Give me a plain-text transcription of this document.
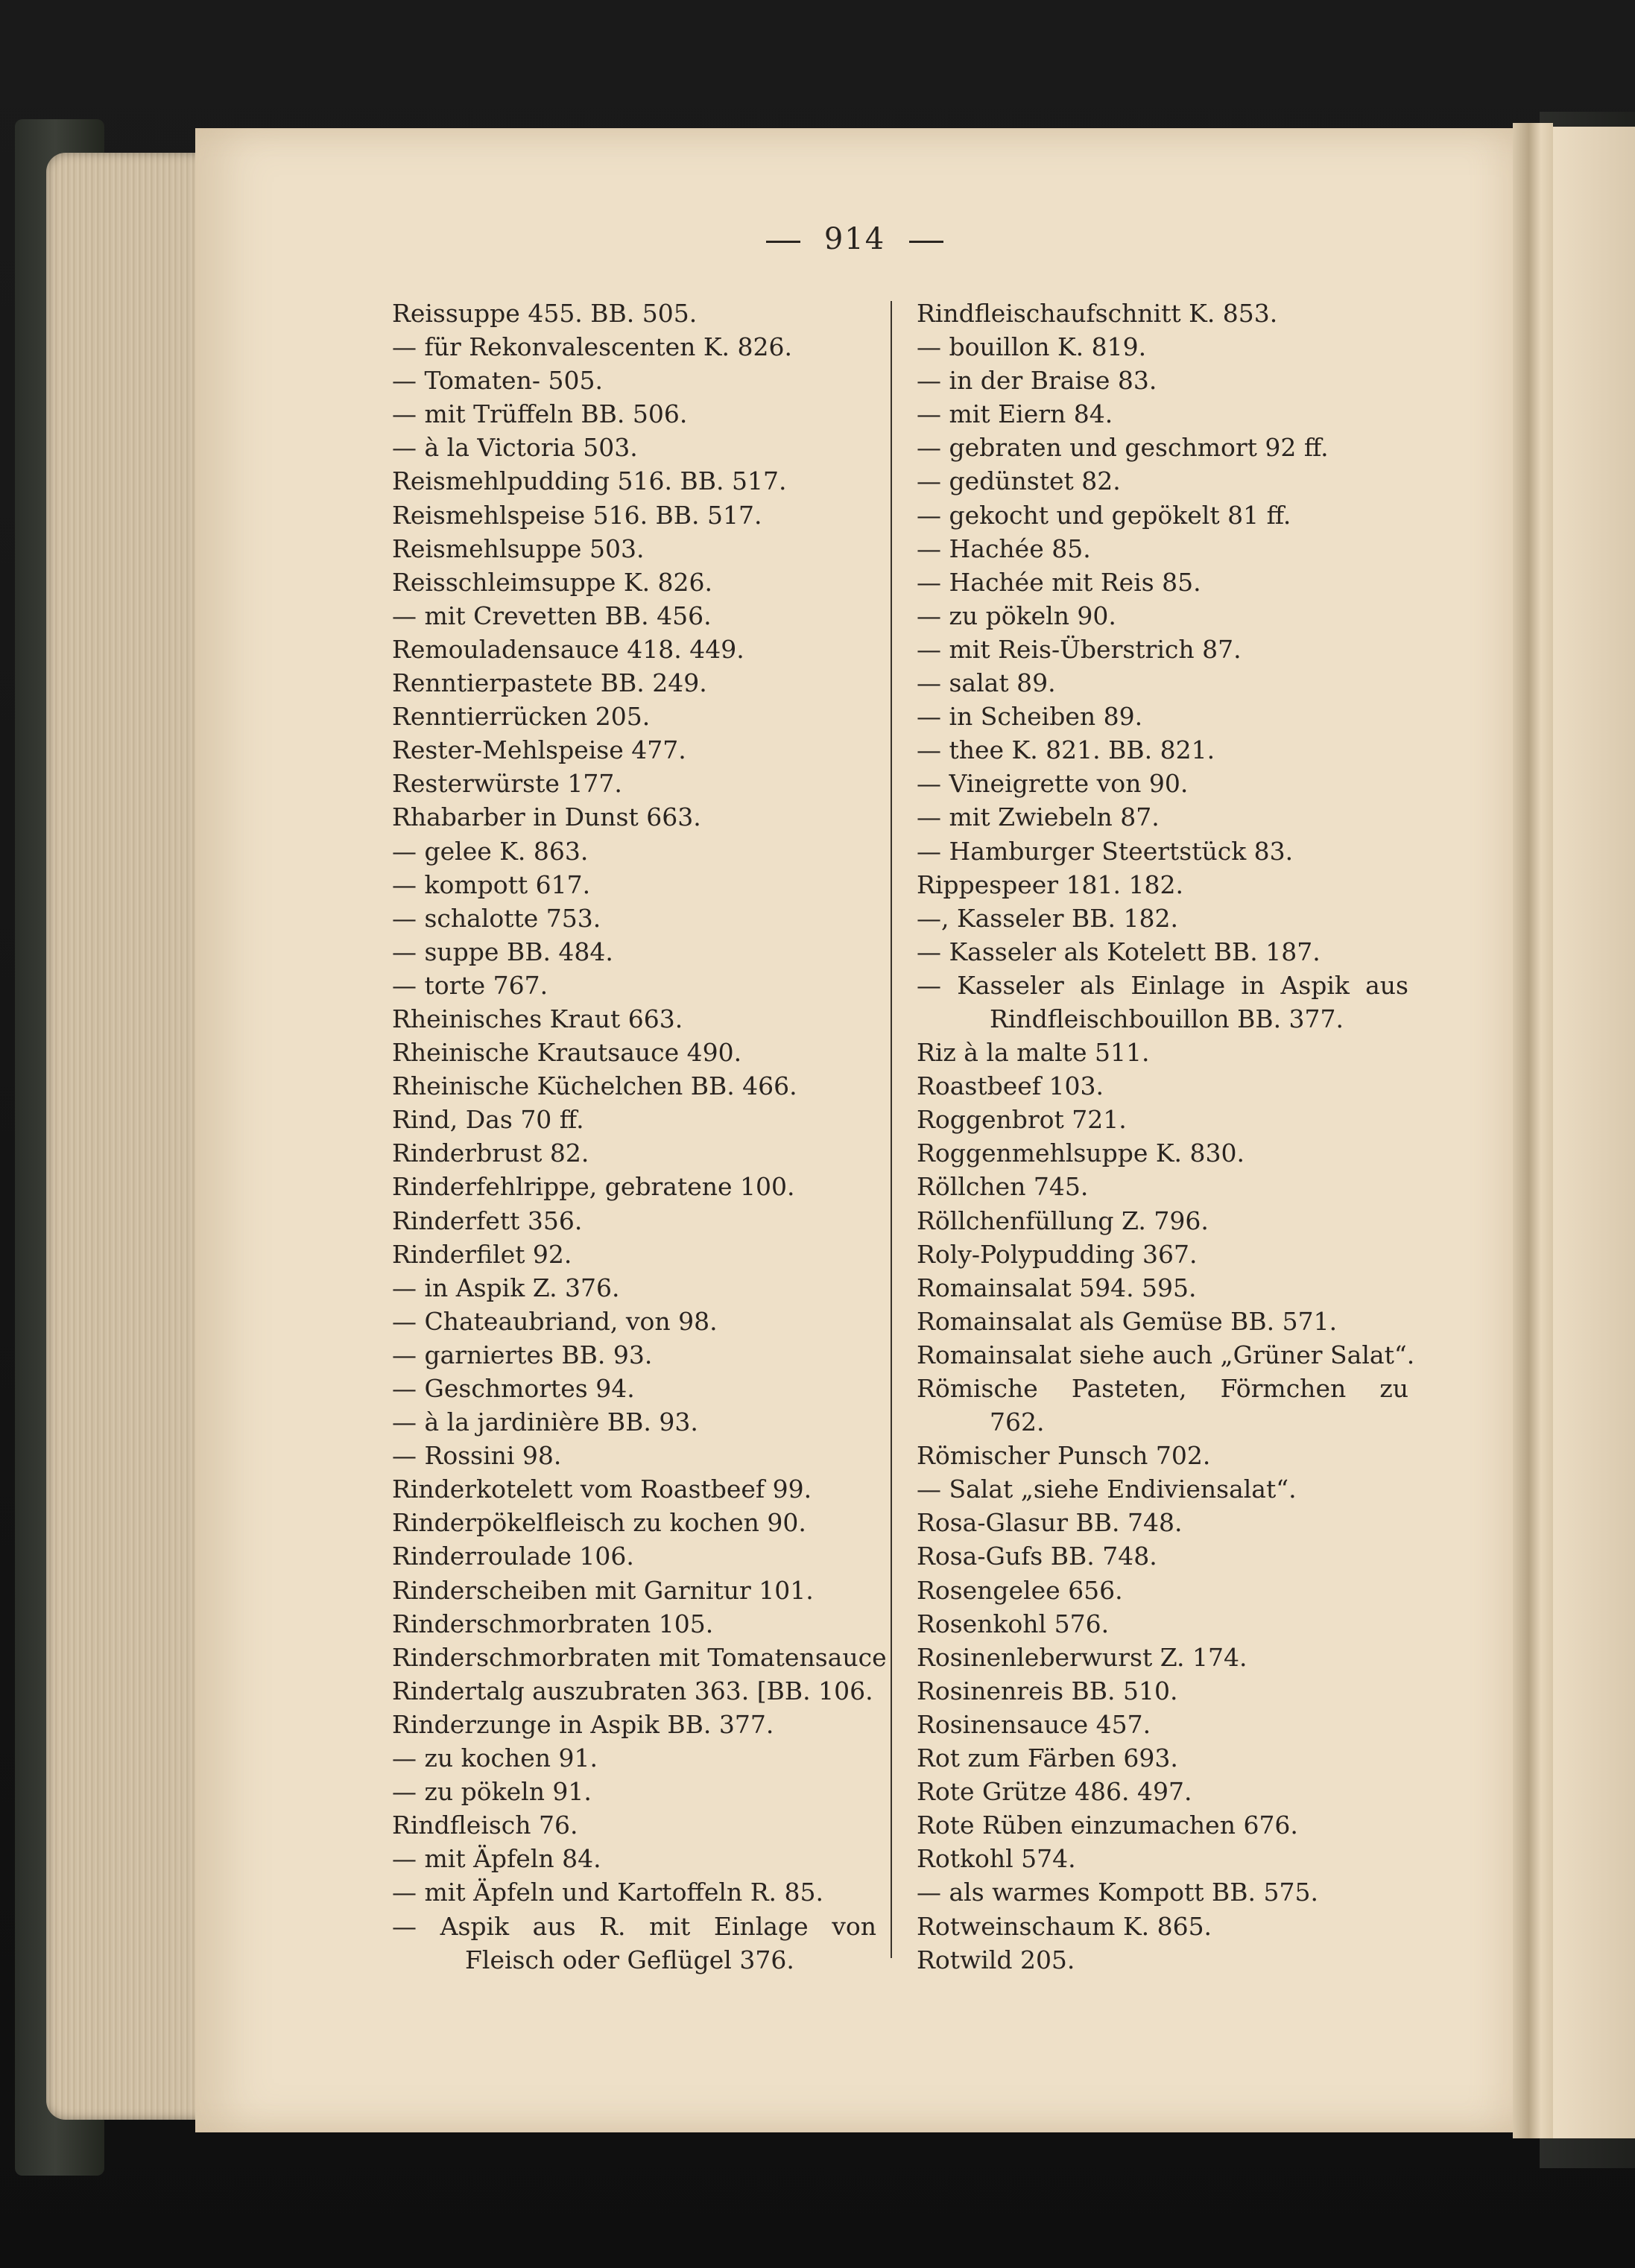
914
Reissuppe 455. BB. 505.
— für Rekonvalescenten K. 826.
— Tomaten- 505.
— mit Trüffeln BB. 506.
— à la Victoria 503.
Reismehlpudding 516. BB. 517.
Reismehlspeise 516. BB. 517.
Reismehlsuppe 503.
Reisschleimsuppe K. 826.
— mit Crevetten BB. 456.
Remouladensauce 418. 449.
Renntierpastete BB. 249.
Renntierrücken 205.
Rester-Mehlspeise 477.
Resterwürste 177.
Rhabarber in Dunst 663.
— gelee K. 863.
— kompott 617.
— schalotte 753.
— suppe BB. 484.
— torte 767.
Rheinisches Kraut 663.
Rheinische Krautsauce 490.
Rheinische Küchelchen BB. 466.
Rind, Das 70 ff.
Rinderbrust 82.
Rinderfehlrippe, gebratene 100.
Rinderfett 356.
Rinderfilet 92.
— in Aspik Z. 376.
— Chateaubriand, von 98.
— garniertes BB. 93.
— Geschmortes 94.
— à la jardinière BB. 93.
— Rossini 98.
Rinderkotelett vom Roastbeef 99.
Rinderpökelfleisch zu kochen 90.
Rinderroulade 106.
Rinderscheiben mit Garnitur 101.
Rinderschmorbraten 105.
Rinderschmorbraten mit Tomatensauce
Rindertalg auszubraten 363. [BB. 106.
Rinderzunge in Aspik BB. 377.
— zu kochen 91.
— zu pökeln 91.
Rindfleisch 76.
— mit Äpfeln 84.
— mit Äpfeln und Kartoffeln R. 85.
— Aspik aus R. mit Einlage von
Fleisch oder Geflügel 376.
Rindfleischaufschnitt K. 853.
— bouillon K. 819.
— in der Braise 83.
— mit Eiern 84.
— gebraten und geschmort 92 ff.
— gedünstet 82.
— gekocht und gepökelt 81 ff.
— Hachée 85.
— Hachée mit Reis 85.
— zu pökeln 90.
— mit Reis-Überstrich 87.
— salat 89.
— in Scheiben 89.
— thee K. 821. BB. 821.
— Vineigrette von 90.
— mit Zwiebeln 87.
— Hamburger Steertstück 83.
Rippespeer 181. 182.
—, Kasseler BB. 182.
— Kasseler als Kotelett BB. 187.
— Kasseler als Einlage in Aspik aus
Rindfleischbouillon BB. 377.
Riz à la malte 511.
Roastbeef 103.
Roggenbrot 721.
Roggenmehlsuppe K. 830.
Röllchen 745.
Röllchenfüllung Z. 796.
Roly-Polypudding 367.
Romainsalat 594. 595.
Romainsalat als Gemüse BB. 571.
Romainsalat siehe auch „Grüner Salat“.
Römische Pasteten, Förmchen zu
762.
Römischer Punsch 702.
— Salat „siehe Endiviensalat“.
Rosa-Glasur BB. 748.
Rosa-Gufs BB. 748.
Rosengelee 656.
Rosenkohl 576.
Rosinenleberwurst Z. 174.
Rosinenreis BB. 510.
Rosinensauce 457.
Rot zum Färben 693.
Rote Grütze 486. 497.
Rote Rüben einzumachen 676.
Rotkohl 574.
— als warmes Kompott BB. 575.
Rotweinschaum K. 865.
Rotwild 205.
